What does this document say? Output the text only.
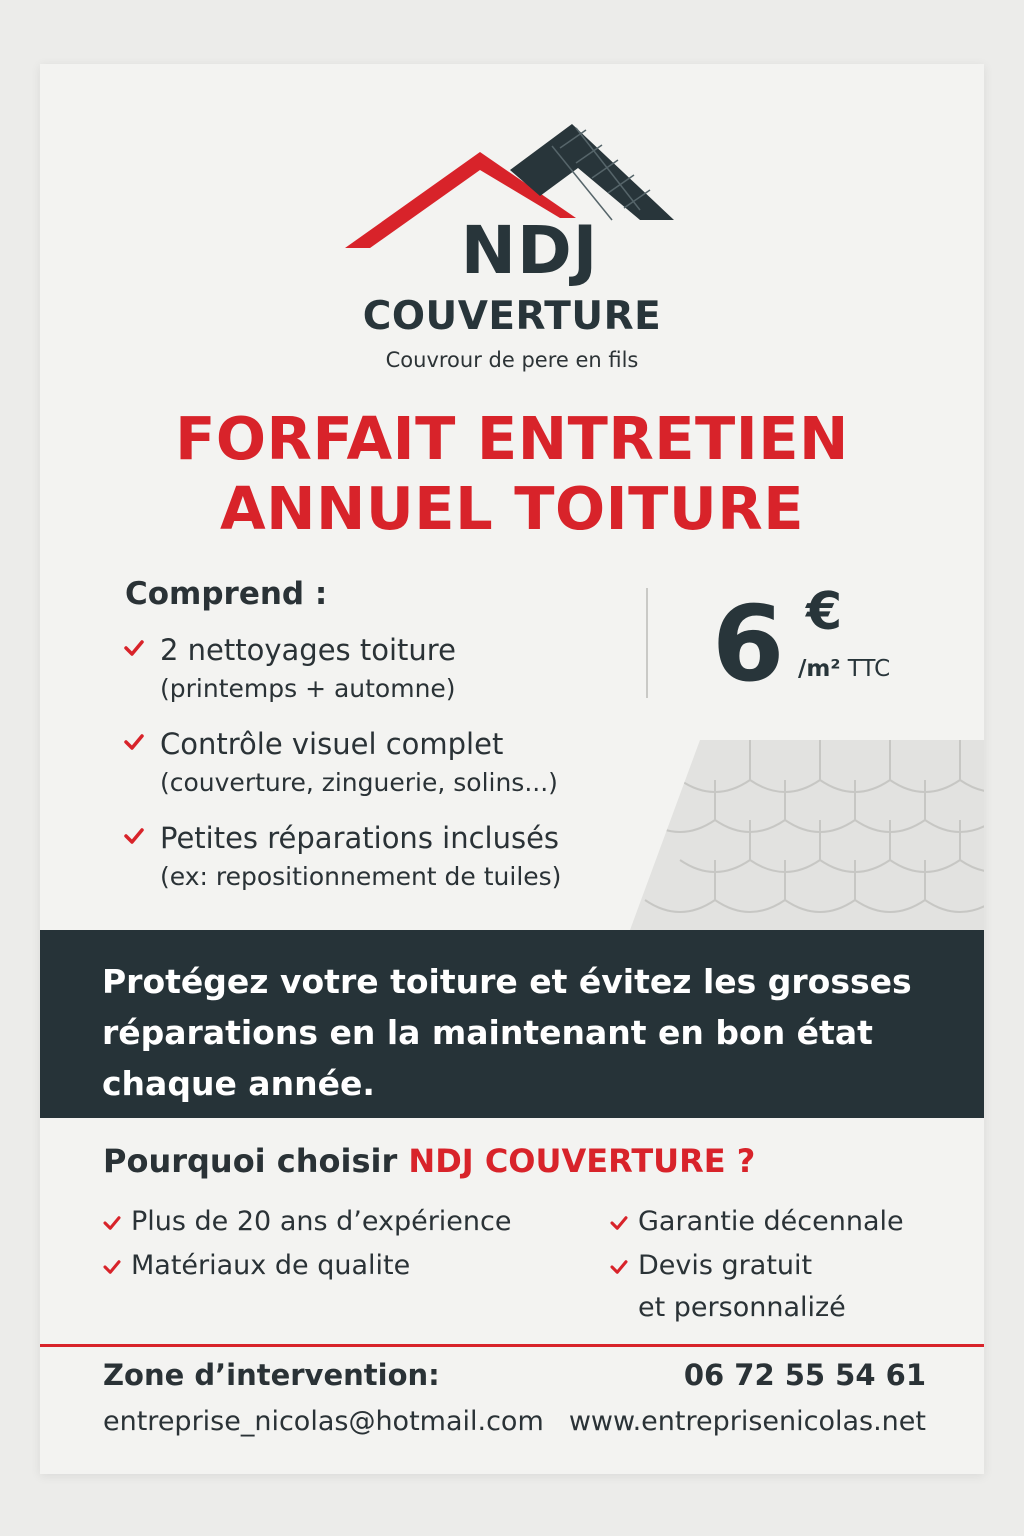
NDJ
COUVERTURE
Couvrour de pere en fils
FORFAIT ENTRETIEN
ANNUEL TOITURE
Comprend :
2 nettoyages toiture
(printemps + automne)
Contrôle visuel complet
(couverture, zinguerie, solins...)
Petites réparations inclusés
(ex: repositionnement de tuiles)
6 €
/m² TTC
Protégez votre toiture et évitez les grosses réparations en la maintenant en bon état chaque année.
Pourquoi choisir NDJ COUVERTURE ?
Plus de 20 ans d’expérience
Matériaux de qualite
Garantie décennale
Devis gratuit
et personnalizé
Zone d’intervention:	06 72 55 54 61
entreprise_nicolas@hotmail.com www.entreprisenicolas.net
